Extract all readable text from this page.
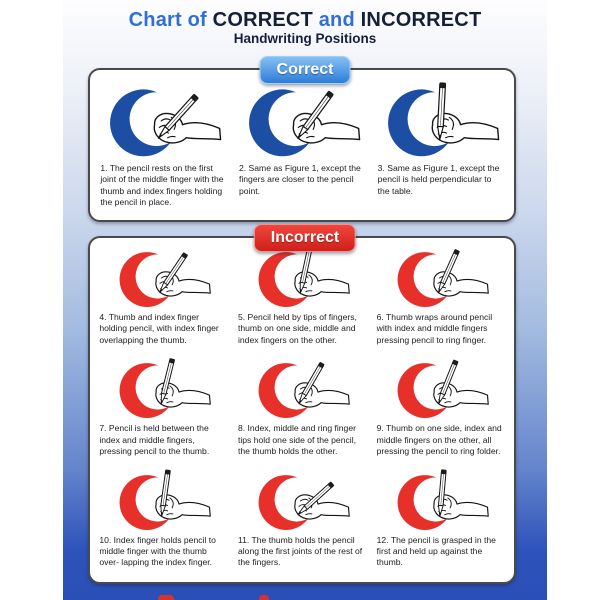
Chart of CORRECT and INCORRECT
Handwriting Positions
Correct
1. The pencil rests on the first joint of the middle finger with the thumb and index fingers holding the pencil in place.
2. Same as Figure 1, except the fingers are closer to the pencil point.
3. Same as Figure 1, except the pencil is held perpendicular to the table.
Incorrect
4. Thumb and index finger holding pencil, with index finger overlapping the thumb.
5. Pencil held by tips of fingers, thumb on one side, middle and index fingers on the other.
6. Thumb wraps around pencil with index and middle fingers pressing pencil to ring finger.
7. Pencil is held between the index and middle fingers, pressing pencil to the thumb.
8. Index, middle and ring finger tips hold one side of the pencil, the thumb holds the other.
9. Thumb on one side, index and middle fingers on the other, all pressing the pencil to ring folder.
10. Index finger holds pencil to middle finger with the thumb over- lapping the index finger.
11. The thumb holds the pencil along the first joints of the rest of the fingers.
12. The pencil is grasped in the first and held up against the thumb.
